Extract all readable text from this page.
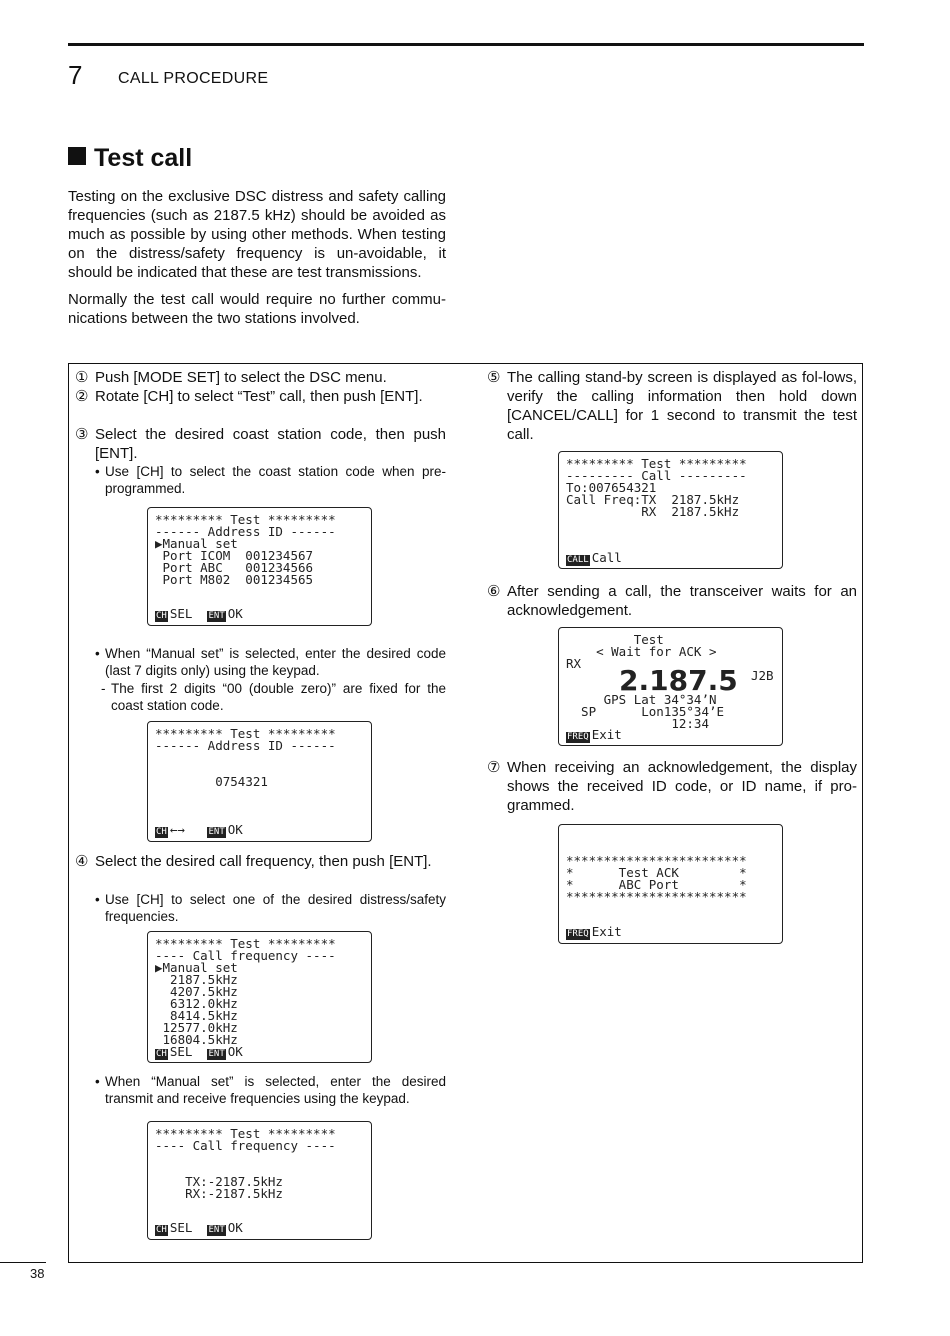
7 CALL PROCEDURE
Test call

Testing on the exclusive DSC distress and safety calling frequencies (such as 2187.5 kHz) should be avoided as much as possible by using other methods. When testing on the distress/safety frequency is un-avoidable, it should be indicated that these are test transmissions.

Normally the test call would require no further commu-nications between the two stations involved.

① Push [MODE SET] to select the DSC menu.
② Rotate [CH] to select “Test” call, then push [ENT].
③ Select the desired coast station code, then push [ENT].
• Use [CH] to select the coast station code when pre-programmed.
********* Test *********
------ Address ID ------
▶Manual set
Port ICOM  001234567
Port ABC   001234566
Port M802  001234565
CH SEL ENT OK
• When “Manual set” is selected, enter the desired code (last 7 digits only) using the keypad.
- The first 2 digits “00 (double zero)” are fixed for the coast station code.
********* Test *********
------ Address ID ------
0754321
CH ←→	ENT OK
④ Select the desired call frequency, then push [ENT].
• Use [CH] to select one of the desired distress/safety frequencies.
********* Test *********
---- Call frequency ----
▶Manual set
2187.5kHz
4207.5kHz
6312.0kHz
8414.5kHz
12577.0kHz
16804.5kHz
CH SEL ENT OK
• When “Manual set” is selected, enter the desired transmit and receive frequencies using the keypad.
********* Test *********
---- Call frequency ----
TX:-2187.5kHz
RX:-2187.5kHz
CH SEL ENT OK
⑤ The calling stand-by screen is displayed as fol-lows, verify the calling information then hold down [CANCEL/CALL] for 1 second to transmit the test call.
********* Test *********
--------- Call ---------
To:007654321
Call Freq:TX  2187.5kHz
RX  2187.5kHz
CALL Call
⑥ After sending a call, the transceiver waits for an acknowledgement.
Test
< Wait for ACK >
RX
2.187.5 J2B
GPS Lat 34°34’N
SP      Lon135°34’E
12:34
FREQ Exit
⑦ When receiving an acknowledgement, the display shows the received ID code, or ID name, if pro-grammed.
************************
*      Test ACK        *
*      ABC Port        *
************************
FREQ Exit
38
